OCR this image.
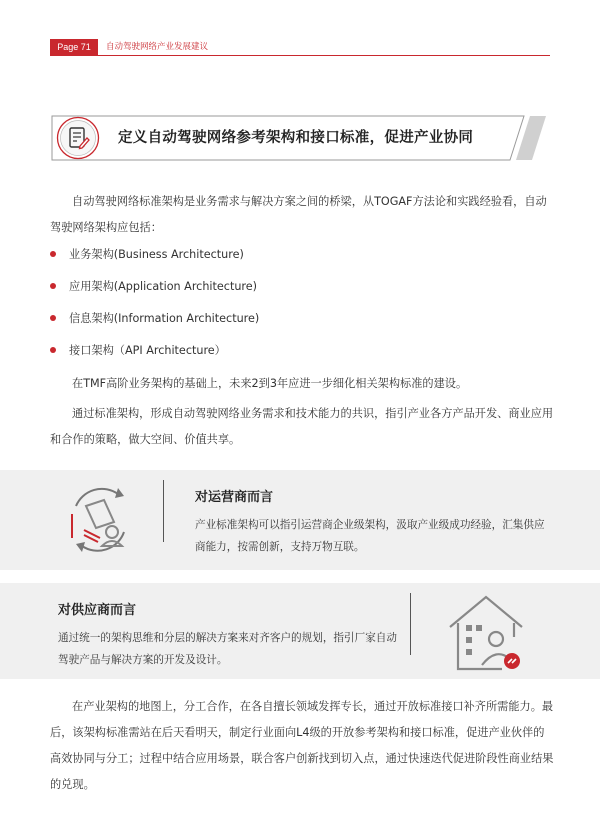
Page 71	自动驾驶网络产业发展建议
定义自动驾驶网络参考架构和接口标准，促进产业协同
自动驾驶网络标准架构是业务需求与解决方案之间的桥梁，从TOGAF方法论和实践经验看，自动驾驶网络架构应包括：
业务架构(Business Architecture)
应用架构(Application Architecture)
信息架构(Information Architecture)
接口架构（API Architecture）
在TMF高阶业务架构的基础上，未来2到3年应进一步细化相关架构标准的建设。
通过标准架构，形成自动驾驶网络业务需求和技术能力的共识，指引产业各方产品开发、商业应用和合作的策略，做大空间、价值共享。
对运营商而言
产业标准架构可以指引运营商企业级架构，汲取产业级成功经验，汇集供应商能力，按需创新，支持万物互联。
对供应商而言
通过统一的架构思维和分层的解决方案来对齐客户的规划，指引厂家自动驾驶产品与解决方案的开发及设计。
在产业架构的地图上，分工合作，在各自擅长领域发挥专长，通过开放标准接口补齐所需能力。最后，该架构标准需站在后天看明天，制定行业面向L4级的开放参考架构和接口标准，促进产业伙伴的高效协同与分工；过程中结合应用场景，联合客户创新找到切入点，通过快速迭代促进阶段性商业结果的兑现。
